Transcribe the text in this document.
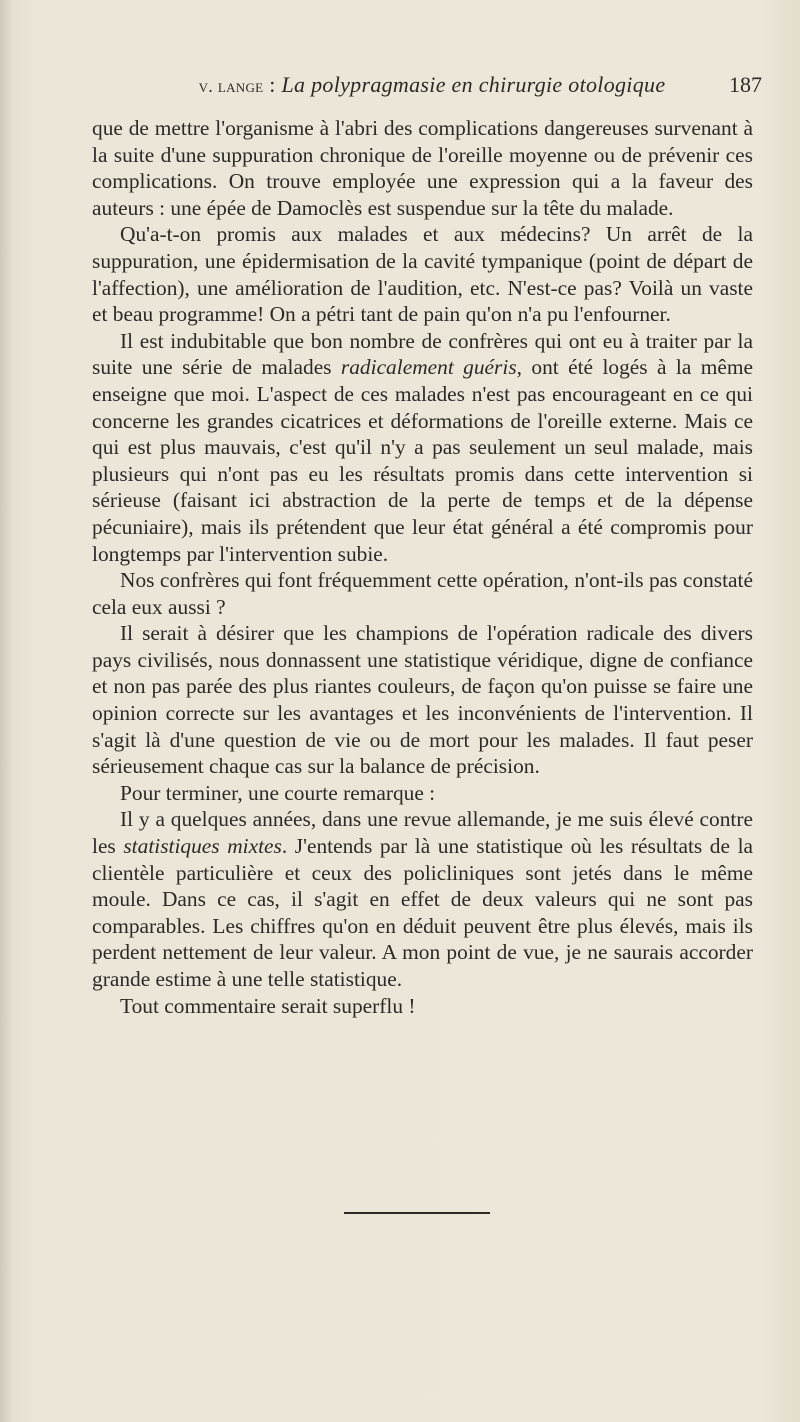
v. lange : La polypragmasie en chirurgie otologique	187

que de mettre l'organisme à l'abri des complications dangereuses survenant à la suite d'une suppuration chronique de l'oreille moyenne ou de prévenir ces complications. On trouve employée une expression qui a la faveur des auteurs : une épée de Damoclès est suspendue sur la tête du malade.

Qu'a-t-on promis aux malades et aux médecins? Un arrêt de la suppuration, une épidermisation de la cavité tympanique (point de départ de l'affection), une amélioration de l'audition, etc. N'est-ce pas? Voilà un vaste et beau programme! On a pétri tant de pain qu'on n'a pu l'enfourner.

Il est indubitable que bon nombre de confrères qui ont eu à traiter par la suite une série de malades radicalement guéris, ont été logés à la même enseigne que moi. L'aspect de ces malades n'est pas encourageant en ce qui concerne les grandes cicatrices et déformations de l'oreille externe. Mais ce qui est plus mauvais, c'est qu'il n'y a pas seulement un seul malade, mais plusieurs qui n'ont pas eu les résultats promis dans cette intervention si sérieuse (faisant ici abstraction de la perte de temps et de la dépense pécuniaire), mais ils prétendent que leur état général a été compromis pour longtemps par l'intervention subie.

Nos confrères qui font fréquemment cette opération, n'ont-ils pas constaté cela eux aussi ?

Il serait à désirer que les champions de l'opération radicale des divers pays civilisés, nous donnassent une statistique véridique, digne de confiance et non pas parée des plus riantes couleurs, de façon qu'on puisse se faire une opinion correcte sur les avantages et les inconvénients de l'intervention. Il s'agit là d'une question de vie ou de mort pour les malades. Il faut peser sérieusement chaque cas sur la balance de précision.

Pour terminer, une courte remarque :

Il y a quelques années, dans une revue allemande, je me suis élevé contre les statistiques mixtes. J'entends par là une statistique où les résultats de la clientèle particulière et ceux des policliniques sont jetés dans le même moule. Dans ce cas, il s'agit en effet de deux valeurs qui ne sont pas comparables. Les chiffres qu'on en déduit peuvent être plus élevés, mais ils perdent nettement de leur valeur. A mon point de vue, je ne saurais accorder grande estime à une telle statistique.

Tout commentaire serait superflu !
